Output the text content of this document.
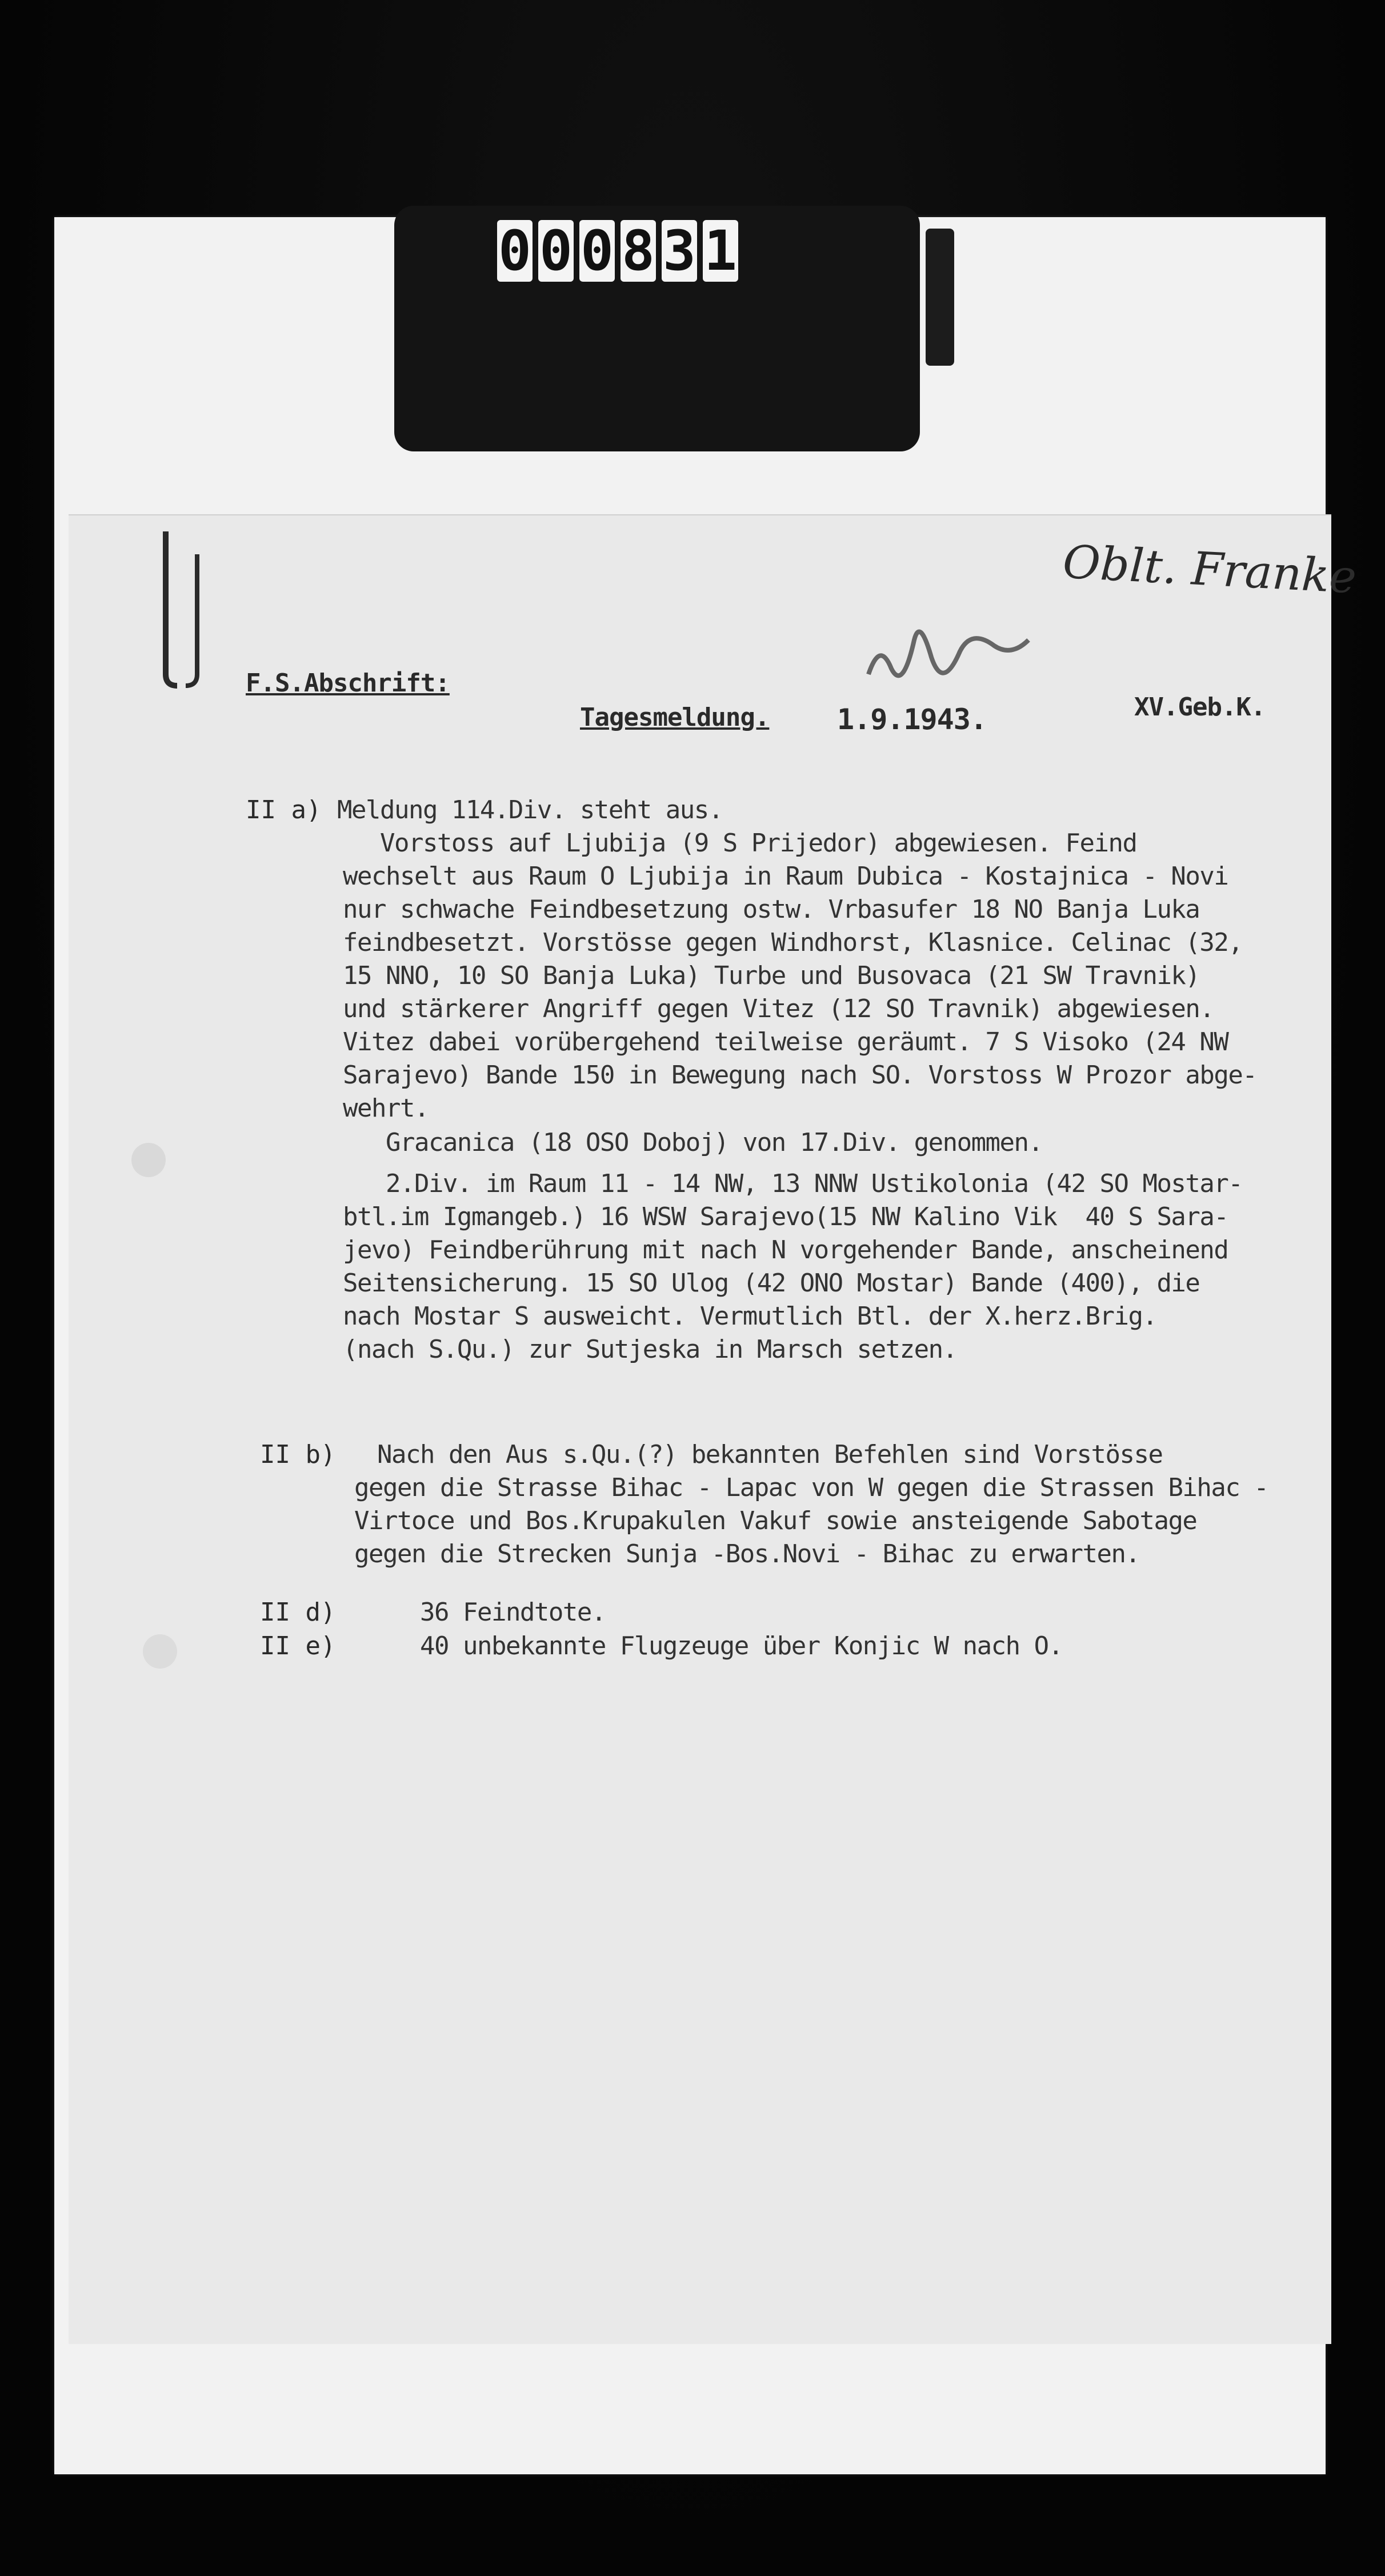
0 0 0 8 3 1
Oblt. Franke
F.S.Abschrift:
Tagesmeldung. 1.9.1943.	XV.Geb.K.
II a)
II b)
II d)
II e)
Meldung 114.Div. steht aus.
Vorstoss auf Ljubija (9 S Prijedor) abgewiesen. Feind
wechselt aus Raum O Ljubija in Raum Dubica - Kostajnica - Novi
nur schwache Feindbesetzung ostw. Vrbasufer 18 NO Banja Luka
feindbesetzt. Vorstösse gegen Windhorst, Klasnice. Celinac (32,
15 NNO, 10 SO Banja Luka) Turbe und Busovaca (21 SW Travnik)
und stärkerer Angriff gegen Vitez (12 SO Travnik) abgewiesen.
Vitez dabei vorübergehend teilweise geräumt. 7 S Visoko (24 NW
Sarajevo) Bande 150 in Bewegung nach SO. Vorstoss W Prozor abge-
wehrt.
Gracanica (18 OSO Doboj) von 17.Div. genommen.
2.Div. im Raum 11 - 14 NW, 13 NNW Ustikolonia (42 SO Mostar-
btl.im Igmangeb.) 16 WSW Sarajevo(15 NW Kalino Vik  40 S Sara-
jevo) Feindberührung mit nach N vorgehender Bande, anscheinend
Seitensicherung. 15 SO Ulog (42 ONO Mostar) Bande (400), die
nach Mostar S ausweicht. Vermutlich Btl. der X.herz.Brig.
(nach S.Qu.) zur Sutjeska in Marsch setzen.
Nach den Aus s.Qu.(?) bekannten Befehlen sind Vorstösse
gegen die Strasse Bihac - Lapac von W gegen die Strassen Bihac -
Virtoce und Bos.Krupakulen Vakuf sowie ansteigende Sabotage
gegen die Strecken Sunja -Bos.Novi - Bihac zu erwarten.
36 Feindtote.
40 unbekannte Flugzeuge über Konjic W nach O.
